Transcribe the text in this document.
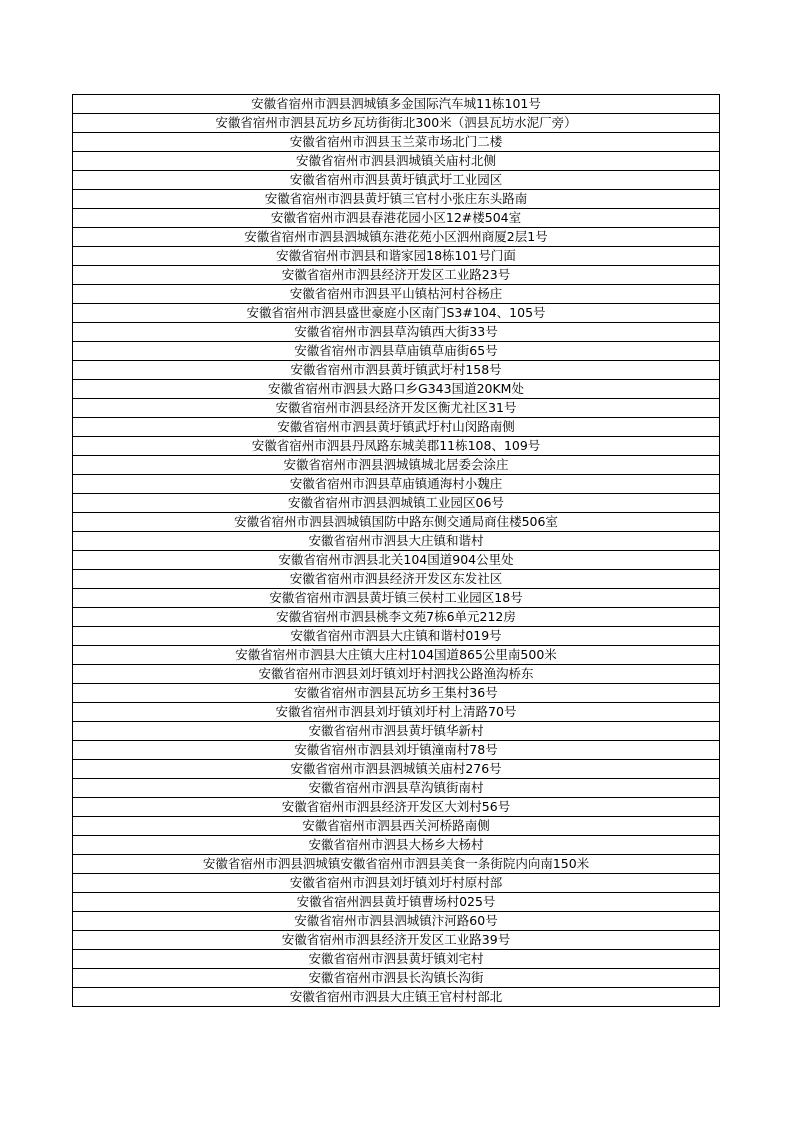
安徽省宿州市泗县泗城镇多金国际汽车城11栋101号
安徽省宿州市泗县瓦坊乡瓦坊街街北300米（泗县瓦坊水泥厂旁）
安徽省宿州市泗县玉兰菜市场北门二楼
安徽省宿州市泗县泗城镇关庙村北侧
安徽省宿州市泗县黄圩镇武圩工业园区
安徽省宿州市泗县黄圩镇三官村小张庄东头路南
安徽省宿州市泗县春港花园小区12#楼504室
安徽省宿州市泗县泗城镇东港花苑小区泗州商厦2层1号
安徽省宿州市泗县和谐家园18栋101号门面
安徽省宿州市泗县经济开发区工业路23号
安徽省宿州市泗县平山镇枯河村谷杨庄
安徽省宿州市泗县盛世豪庭小区南门S3#104、105号
安徽省宿州市泗县草沟镇西大街33号
安徽省宿州市泗县草庙镇草庙街65号
安徽省宿州市泗县黄圩镇武圩村158号
安徽省宿州市泗县大路口乡G343国道20KM处
安徽省宿州市泗县经济开发区衡尤社区31号
安徽省宿州市泗县黄圩镇武圩村山闵路南侧
安徽省宿州市泗县丹凤路东城美郡11栋108、109号
安徽省宿州市泗县泗城镇城北居委会涂庄
安徽省宿州市泗县草庙镇通海村小魏庄
安徽省宿州市泗县泗城镇工业园区06号
安徽省宿州市泗县泗城镇国防中路东侧交通局商住楼506室
安徽省宿州市泗县大庄镇和谐村
安徽省宿州市泗县北关104国道904公里处
安徽省宿州市泗县经济开发区东发社区
安徽省宿州市泗县黄圩镇三侯村工业园区18号
安徽省宿州市泗县桃李文苑7栋6单元212房
安徽省宿州市泗县大庄镇和谐村019号
安徽省宿州市泗县大庄镇大庄村104国道865公里南500米
安徽省宿州市泗县刘圩镇刘圩村泗找公路渔沟桥东
安徽省宿州市泗县瓦坊乡王集村36号
安徽省宿州市泗县刘圩镇刘圩村上清路70号
安徽省宿州市泗县黄圩镇华新村
安徽省宿州市泗县刘圩镇潼南村78号
安徽省宿州市泗县泗城镇关庙村276号
安徽省宿州市泗县草沟镇街南村
安徽省宿州市泗县经济开发区大刘村56号
安徽省宿州市泗县西关河桥路南侧
安徽省宿州市泗县大杨乡大杨村
安徽省宿州市泗县泗城镇安徽省宿州市泗县美食一条街院内向南150米
安徽省宿州市泗县刘圩镇刘圩村原村部
安徽省宿州泗县黄圩镇曹场村025号
安徽省宿州市泗县泗城镇汴河路60号
安徽省宿州市泗县经济开发区工业路39号
安徽省宿州市泗县黄圩镇刘宅村
安徽省宿州市泗县长沟镇长沟街
安徽省宿州市泗县大庄镇王官村村部北
